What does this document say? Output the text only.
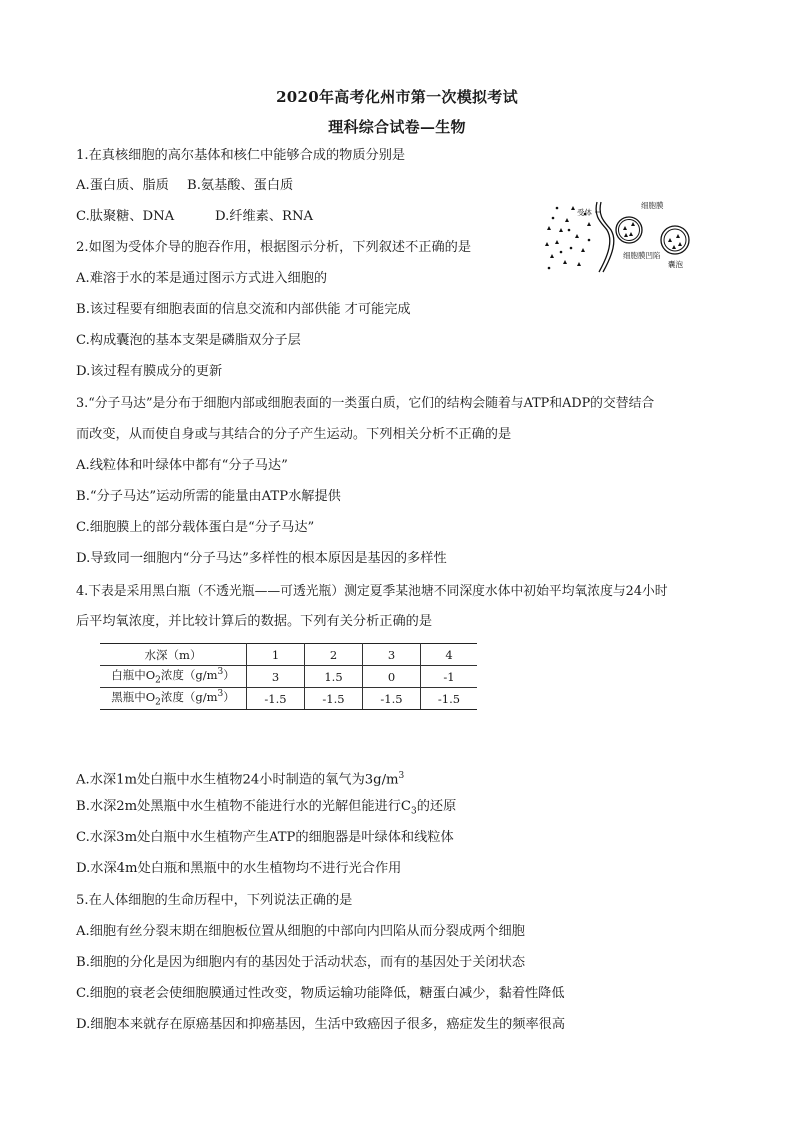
2020年高考化州市第一次模拟考试
理科综合试卷—生物
1.在真核细胞的高尔基体和核仁中能够合成的物质分别是
A.蛋白质、脂质 B.氨基酸、蛋白质
C.肽聚糖、DNA	D.纤维素、RNA	受体
细胞膜
细胞膜凹陷
囊泡
2.如图为受体介导的胞吞作用，根据图示分析，下列叙述不正确的是
A.难溶于水的苯是通过图示方式进入细胞的
B.该过程要有细胞表面的信息交流和内部供能 才可能完成
C.构成囊泡的基本支架是磷脂双分子层
D.该过程有膜成分的更新
3.“分子马达”是分布于细胞内部或细胞表面的一类蛋白质，它们的结构会随着与ATP和ADP的交替结合
而改变，从而使自身或与其结合的分子产生运动。下列相关分析不正确的是
A.线粒体和叶绿体中都有“分子马达”
B.“分子马达”运动所需的能量由ATP水解提供
C.细胞膜上的部分载体蛋白是“分子马达”
D.导致同一细胞内“分子马达”多样性的根本原因是基因的多样性
4.下表是采用黑白瓶（不透光瓶——可透光瓶）测定夏季某池塘不同深度水体中初始平均氧浓度与24小时
后平均氧浓度，并比较计算后的数据。下列有关分析正确的是
水深（m）	1	2	3	4
白瓶中$O_2$浓度$(g/m^3)$	3	1.5	0	-1
黑瓶中$O_2$浓度$(g/m^3)$	-1.5	-1.5	-1.5	-1.5
A.水深1m处白瓶中水生植物24小时制造的氧气为$3g/m^3$
B.水深2m处黑瓶中水生植物不能进行水的光解但能进行$C_3$的还原
C.水深3m处白瓶中水生植物产生ATP的细胞器是叶绿体和线粒体
D.水深4m处白瓶和黑瓶中的水生植物均不进行光合作用
5.在人体细胞的生命历程中，下列说法正确的是
A.细胞有丝分裂末期在细胞板位置从细胞的中部向内凹陷从而分裂成两个细胞
B.细胞的分化是因为细胞内有的基因处于活动状态，而有的基因处于关闭状态
C.细胞的衰老会使细胞膜通过性改变，物质运输功能降低，糖蛋白减少，黏着性降低
D.细胞本来就存在原癌基因和抑癌基因，生活中致癌因子很多，癌症发生的频率很高
